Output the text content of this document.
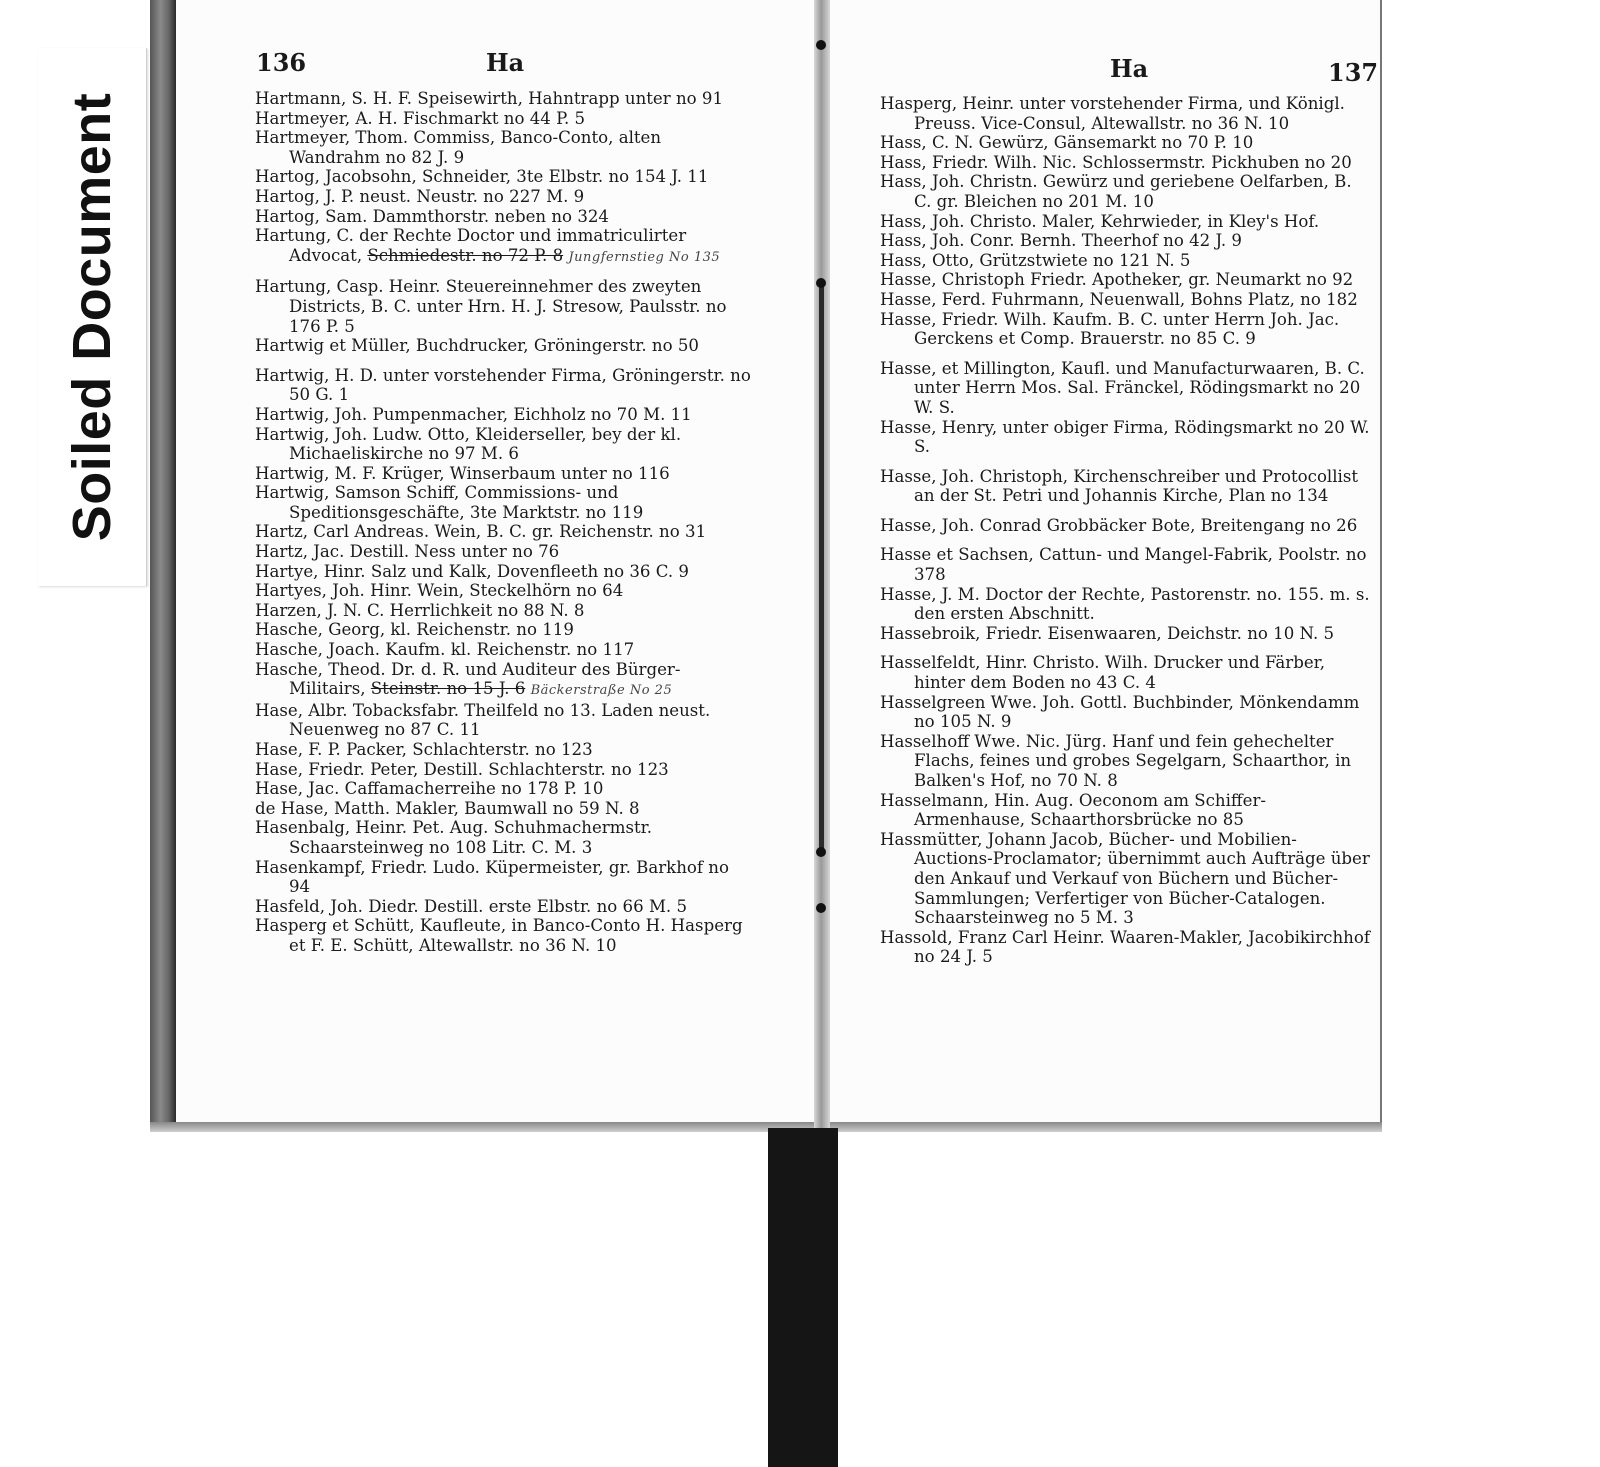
Soiled Document
136	Ha	Ha	137
Hartmann, S. H. F. Speisewirth, Hahntrapp unter no 91
Hartmeyer, A. H. Fischmarkt no 44 P. 5
Hartmeyer, Thom. Commiss, Banco-Conto, alten Wandrahm no 82 J. 9
Hartog, Jacobsohn, Schneider, 3te Elbstr. no 154 J. 11
Hartog, J. P. neust. Neustr. no 227 M. 9
Hartog, Sam. Dammthorstr. neben no 324
Hartung, C. der Rechte Doctor und immatriculirter Advocat, Schmiedestr. no 72 P. 8 Jungfernstieg No 135
Hartung, Casp. Heinr. Steuereinnehmer des zweyten Districts, B. C. unter Hrn. H. J. Stresow, Paulsstr. no 176 P. 5
Hartwig et Müller, Buchdrucker, Gröningerstr. no 50
Hartwig, H. D. unter vorstehender Firma, Gröningerstr. no 50 G. 1
Hartwig, Joh. Pumpenmacher, Eichholz no 70 M. 11
Hartwig, Joh. Ludw. Otto, Kleiderseller, bey der kl. Michaeliskirche no 97 M. 6
Hartwig, M. F. Krüger, Winserbaum unter no 116
Hartwig, Samson Schiff, Commissions- und Speditionsgeschäfte, 3te Marktstr. no 119
Hartz, Carl Andreas. Wein, B. C. gr. Reichenstr. no 31
Hartz, Jac. Destill. Ness unter no 76
Hartye, Hinr. Salz und Kalk, Dovenfleeth no 36 C. 9
Hartyes, Joh. Hinr. Wein, Steckelhörn no 64
Harzen, J. N. C. Herrlichkeit no 88 N. 8
Hasche, Georg, kl. Reichenstr. no 119
Hasche, Joach. Kaufm. kl. Reichenstr. no 117
Hasche, Theod. Dr. d. R. und Auditeur des Bürger-Militairs, Steinstr. no 15 J. 6 Bäckerstraße No 25
Hase, Albr. Tobacksfabr. Theilfeld no 13. Laden neust. Neuenweg no 87 C. 11
Hase, F. P. Packer, Schlachterstr. no 123
Hase, Friedr. Peter, Destill. Schlachterstr. no 123
Hase, Jac. Caffamacherreihe no 178 P. 10
de Hase, Matth. Makler, Baumwall no 59 N. 8
Hasenbalg, Heinr. Pet. Aug. Schuhmachermstr. Schaarsteinweg no 108 Litr. C. M. 3
Hasenkampf, Friedr. Ludo. Küpermeister, gr. Barkhof no 94
Hasfeld, Joh. Diedr. Destill. erste Elbstr. no 66 M. 5
Hasperg et Schütt, Kaufleute, in Banco-Conto H. Hasperg et F. E. Schütt, Altewallstr. no 36 N. 10
Hasperg, Heinr. unter vorstehender Firma, und Königl. Preuss. Vice-Consul, Altewallstr. no 36 N. 10
Hass, C. N. Gewürz, Gänsemarkt no 70 P. 10
Hass, Friedr. Wilh. Nic. Schlossermstr. Pickhuben no 20
Hass, Joh. Christn. Gewürz und geriebene Oelfarben, B. C. gr. Bleichen no 201 M. 10
Hass, Joh. Christo. Maler, Kehrwieder, in Kley's Hof.
Hass, Joh. Conr. Bernh. Theerhof no 42 J. 9
Hass, Otto, Grützstwiete no 121 N. 5
Hasse, Christoph Friedr. Apotheker, gr. Neumarkt no 92
Hasse, Ferd. Fuhrmann, Neuenwall, Bohns Platz, no 182
Hasse, Friedr. Wilh. Kaufm. B. C. unter Herrn Joh. Jac. Gerckens et Comp. Brauerstr. no 85 C. 9
Hasse, et Millington, Kaufl. und Manufacturwaaren, B. C. unter Herrn Mos. Sal. Fränckel, Rödingsmarkt no 20 W. S.
Hasse, Henry, unter obiger Firma, Rödingsmarkt no 20 W. S.
Hasse, Joh. Christoph, Kirchenschreiber und Protocollist an der St. Petri und Johannis Kirche, Plan no 134
Hasse, Joh. Conrad Grobbäcker Bote, Breitengang no 26
Hasse et Sachsen, Cattun- und Mangel-Fabrik, Poolstr. no 378
Hasse, J. M. Doctor der Rechte, Pastorenstr. no. 155. m. s. den ersten Abschnitt.
Hassebroik, Friedr. Eisenwaaren, Deichstr. no 10 N. 5
Hasselfeldt, Hinr. Christo. Wilh. Drucker und Färber, hinter dem Boden no 43 C. 4
Hasselgreen Wwe. Joh. Gottl. Buchbinder, Mönkendamm no 105 N. 9
Hasselhoff Wwe. Nic. Jürg. Hanf und fein gehechelter Flachs, feines und grobes Segelgarn, Schaarthor, in Balken's Hof, no 70 N. 8
Hasselmann, Hin. Aug. Oeconom am Schiffer-Armenhause, Schaarthorsbrücke no 85
Hassmütter, Johann Jacob, Bücher- und Mobilien-Auctions-Proclamator; übernimmt auch Aufträge über den Ankauf und Verkauf von Büchern und Bücher-Sammlungen; Verfertiger von Bücher-Catalogen. Schaarsteinweg no 5 M. 3
Hassold, Franz Carl Heinr. Waaren-Makler, Jacobikirchhof no 24 J. 5
